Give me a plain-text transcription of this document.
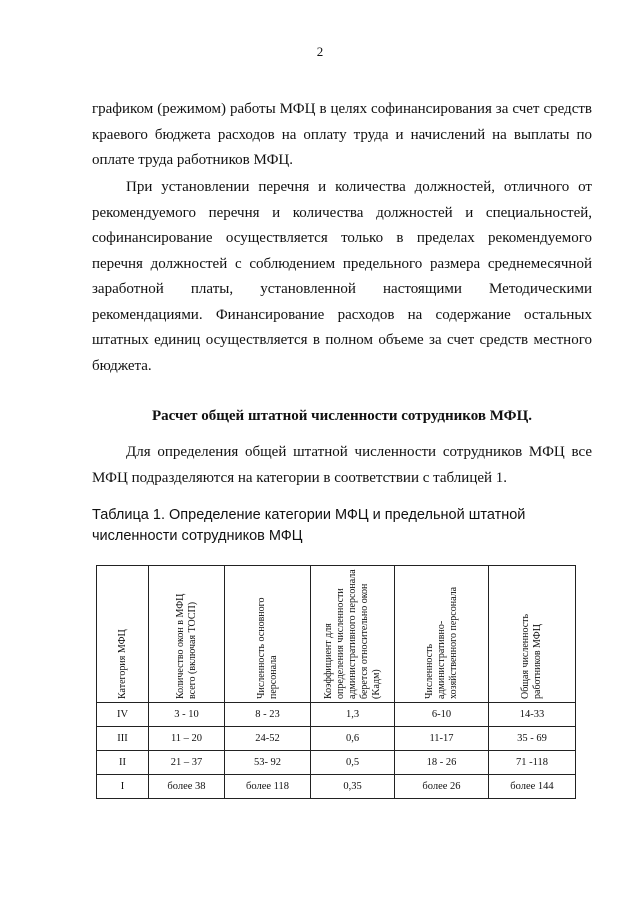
2

графиком (режимом) работы МФЦ в целях софинансирования за счет средств краевого бюджета расходов на оплату труда и начислений на выплаты по оплате труда работников МФЦ.

При установлении перечня и количества должностей, отличного от рекомендуемого перечня и количества должностей и специальностей, софинансирование осуществляется только в пределах рекомендуемого перечня должностей с соблюдением предельного размера среднемесячной заработной платы, установленной настоящими Методическими рекомендациями. Финансирование расходов на содержание остальных штатных единиц осуществляется в полном объеме за счет средств местного бюджета.

Расчет общей штатной численности сотрудников МФЦ.

Для определения общей штатной численности сотрудников МФЦ все МФЦ подразделяются на категории в соответствии с таблицей 1.

Таблица 1. Определение категории МФЦ и предельной штатной численности сотрудников МФЦ

Категория МФЦ	Количество окон в МФЦ всего (включая ТОСП)	Численность основного персонала	Коэффициент для определения численности административного персонала берется относительно окон (Kадм)	Численность административно-хозяйственного персонала	Общая численность работников МФЦ

IV	3 - 10	8 - 23	1,3	6-10	14-33
III	11 – 20	24-52	0,6	11-17	35 - 69
II	21 – 37	53- 92	0,5	18 - 26	71 -118
I	более 38	более 118	0,35	более 26	более 144
